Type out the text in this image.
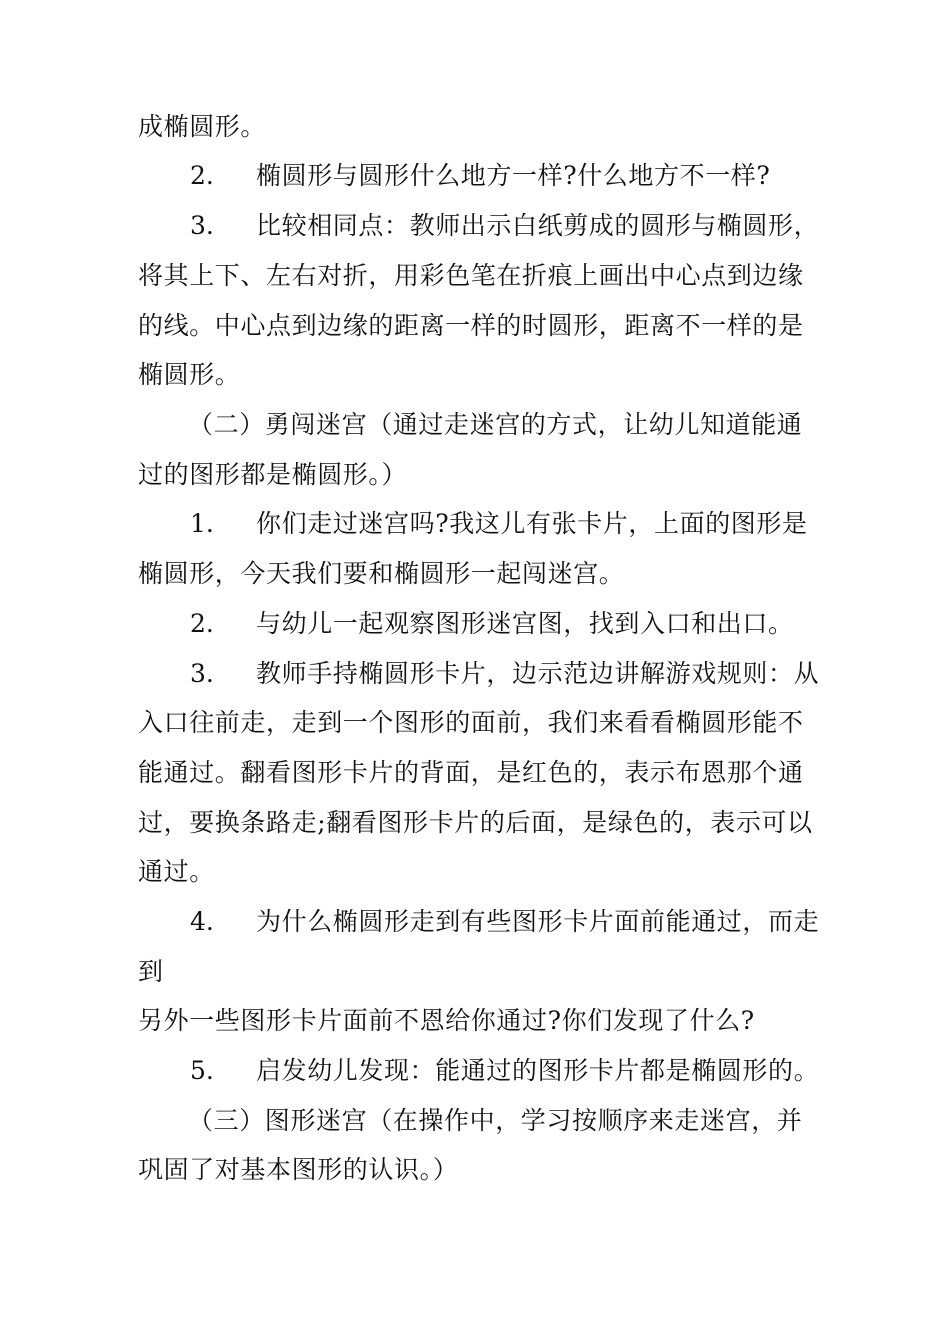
成椭圆形。
2. 椭圆形与圆形什么地方一样?什么地方不一样?
3. 比较相同点：教师出示白纸剪成的圆形与椭圆形，
将其上下、左右对折，用彩色笔在折痕上画出中心点到边缘
的线。中心点到边缘的距离一样的时圆形，距离不一样的是
椭圆形。
（二）勇闯迷宫（通过走迷宫的方式，让幼儿知道能通
过的图形都是椭圆形。）
1. 你们走过迷宫吗?我这儿有张卡片，上面的图形是
椭圆形，今天我们要和椭圆形一起闯迷宫。
2. 与幼儿一起观察图形迷宫图，找到入口和出口。
3. 教师手持椭圆形卡片，边示范边讲解游戏规则：从
入口往前走，走到一个图形的面前，我们来看看椭圆形能不
能通过。翻看图形卡片的背面，是红色的，表示布恩那个通
过，要换条路走;翻看图形卡片的后面，是绿色的，表示可以
通过。
4. 为什么椭圆形走到有些图形卡片面前能通过，而走
到
另外一些图形卡片面前不恩给你通过?你们发现了什么?
5. 启发幼儿发现：能通过的图形卡片都是椭圆形的。
（三）图形迷宫（在操作中，学习按顺序来走迷宫，并
巩固了对基本图形的认识。）
